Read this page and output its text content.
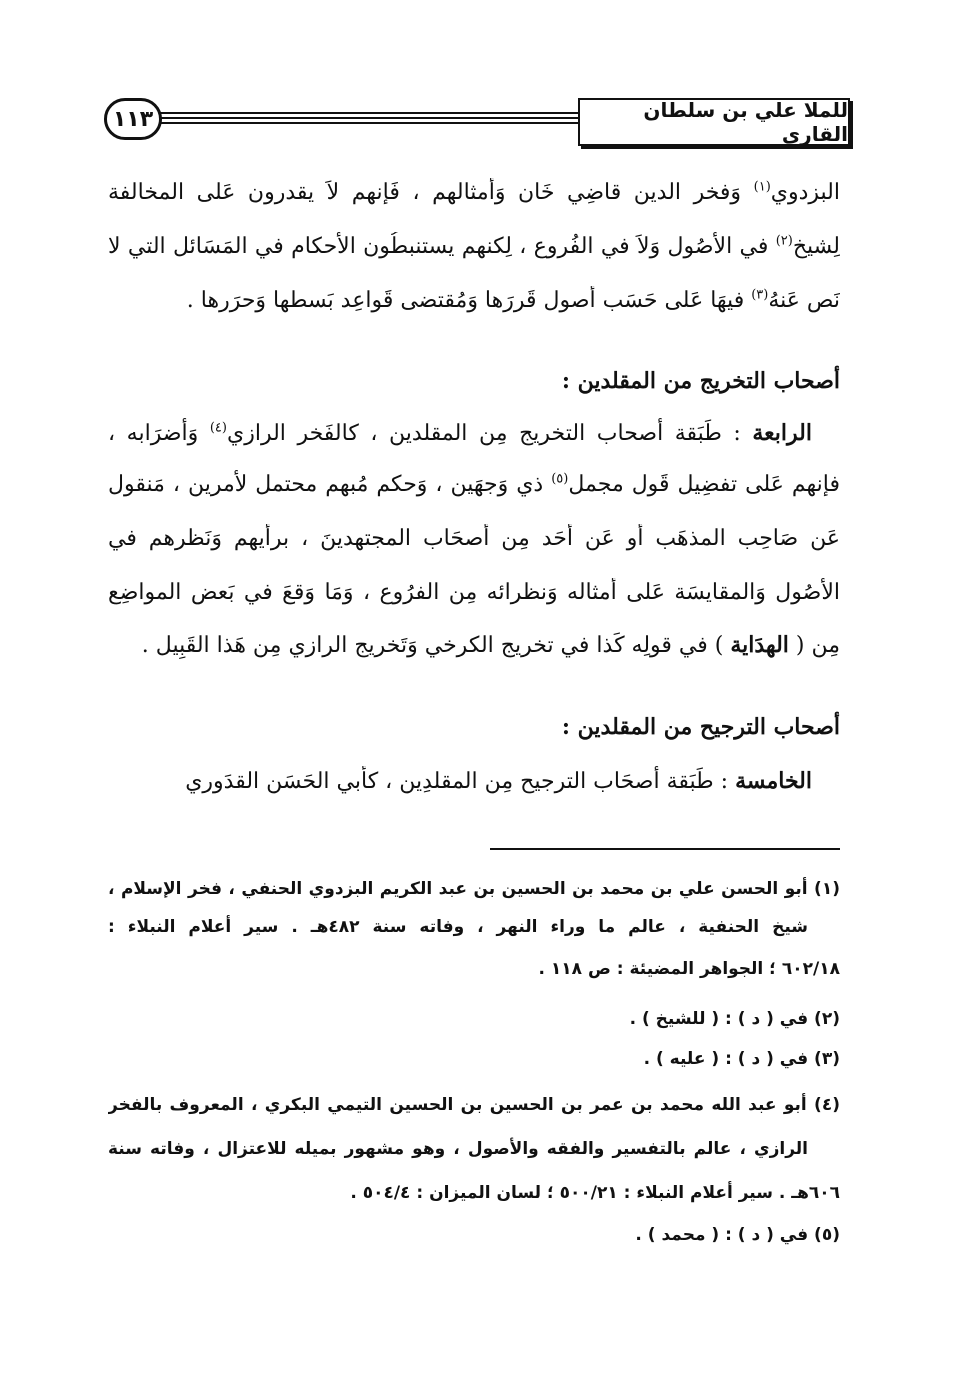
١١٣	للملا علي بن سلطان القاري
البزدوي$^{(١)}$ وَفخر الدين قاضِي خَان وَأمثالهم ، فَإنهم لاَ يقدرون عَلى المخالفة
لِشيخ$^{(٢)}$ في الأصُول وَلاَ في الفُروع ، لِكنهم يستنبطُون الأحكام في المَسَائل التي لا
نَص عَنهُ$^{(٣)}$ فيهَا عَلى حَسَب أصول قَررَها وَمُقتضى قَواعِد بَسطها وَحرَرها .
أصحاب التخريج من المقلدين :
الرابعة : طَبَقة أصحاب التخريج مِن المقلدين ، كالفَخر الرازي$^{(٤)}$ وَأضرَابه ،
فإنهم عَلى تفضِيل قَول مجمل$^{(٥)}$ ذي وَجهَين ، وَحكم مُبهم محتمل لأمرين ، مَنقول
عَن صَاحِب المذهَب أو عَن أحَد مِن أصحَاب المجتهدينَ ، برأيهم وَنَظرهم في
الأصُول وَالمقايسَة عَلى أمثاله وَنظرائه مِن الفرُوع ، وَمَا وَقعَ في بَعض المواضِع
مِن ( الهدَاية ) في قولِه كَذا في تخريج الكرخي وَتَخريج الرازي مِن هَذا القَبِيل .
أصحاب الترجيح من المقلدين :
الخامسة : طَبَقة أصحَاب الترجيح مِن المقلدِين ، كأبي الحَسَن القدَوري
(١) أبو الحسن علي بن محمد بن الحسين بن عبد الكريم البزدوي الحنفي ، فخر الإسلام ،
شيخ الحنفية ، عالم ما وراء النهر ، وفاته سنة ٤٨٢هـ . سير أعلام النبلاء :
٦٠٢/١٨ ؛ الجواهر المضيئة : ص ١١٨ .
(٢) في ( د ) : ( للشيخ ) .
(٣) في ( د ) : ( عليه ) .
(٤) أبو عبد الله محمد بن عمر بن الحسين بن الحسين التيمي البكري ، المعروف بالفخر
الرازي ، عالم بالتفسير والفقه والأصول ، وهو مشهور بميله للاعتزال ، وفاته سنة
٦٠٦هـ . سير أعلام النبلاء : ٥٠٠/٢١ ؛ لسان الميزان : ٥٠٤/٤ .
(٥) في ( د ) : ( محمد ) .
